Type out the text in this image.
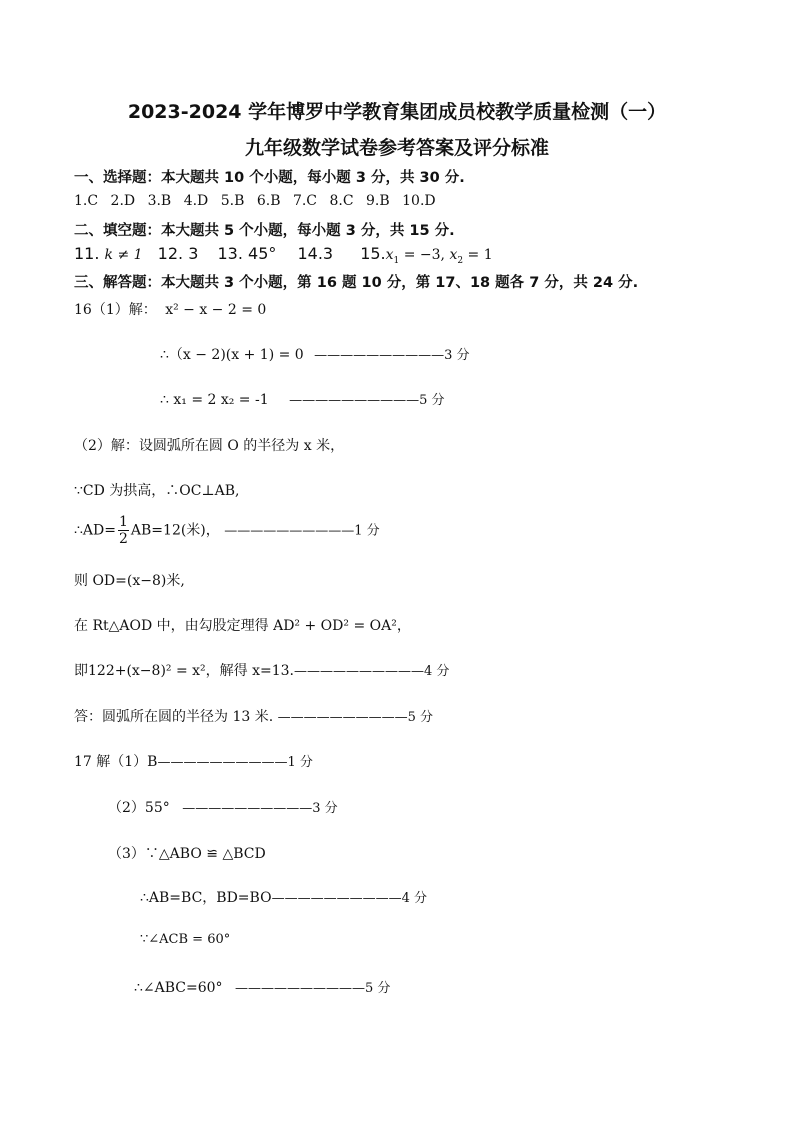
2023-2024 学年博罗中学教育集团成员校教学质量检测（一）
九年级数学试卷参考答案及评分标准
一、选择题：本大题共 10 个小题，每小题 3 分，共 30 分.
1.C 2.D 3.B 4.D 5.B 6.B 7.C 8.C 9.B 10.D
二、填空题：本大题共 5 个小题，每小题 3 分，共 15 分.
11. k ≠ 1 12. 3 13. 45° 14.3 $15.x_1 = -3$, $x_2 = 1$
三、解答题：本大题共 3 个小题，第 16 题 10 分，第 17、18 题各 7 分，共 24 分.
16（1）解： x² − x − 2 = 0
∴（x − 2)(x + 1) = 0 ——————————3 分
∴ x₁ = 2 x₂ = -1 ——————————5 分
（2）解：设圆弧所在圆 O 的半径为 x 米，
∵CD 为拱高，∴OC⊥AB,
∴AD= $\frac{1}{2} AB=12$(米)， ——————————1 分
则 OD=(x−8)米,
在 Rt△AOD 中，由勾股定理得 AD² + OD² = OA²，
即122+(x−8)² = x²，解得 x=13.——————————4 分
答：圆弧所在圆的半径为 13 米. ——————————5 分
17 解（1）B——————————1 分
（2）55° ——————————3 分
（3）∵△ABO ≌ △BCD
∴AB=BC，BD=BO——————————4 分
∵∠ACB = 60°
∴∠ABC=60° ——————————5 分
